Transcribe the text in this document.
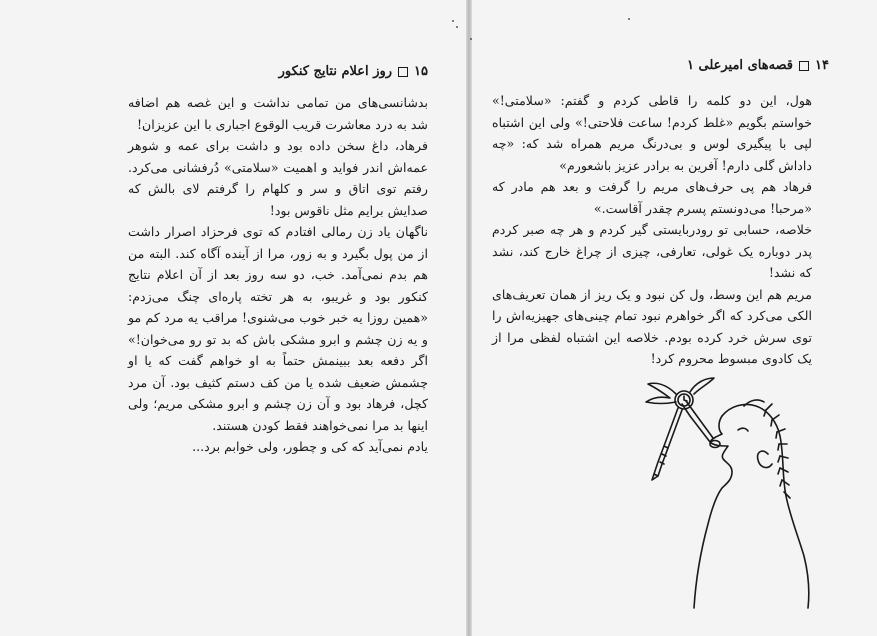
۱۵
روز اعلام نتایج کنکور

بدشانسی‌های من تمامی نداشت و این غصه هم اضافه شد به درد معاشرت قریب الوقوع اجباری با این عزیزان!

فرهاد، داغ سخن داده بود و داشت برای عمه و شوهر عمه‌اش اندر فواید و اهمیت «سلامتی» دُرفشانی می‌کرد. رفتم توی اتاق و سر و کلهام را گرفتم لای بالش که صدایش برایم مثل ناقوس بود!

ناگهان یاد زن رمالی افتادم که توی فرحزاد اصرار داشت از من پول بگیرد و به زور، مرا از آینده آگاه کند. البته من هم بدم نمی‌آمد. خب، دو سه روز بعد از آن اعلام نتایج کنکور بود و غریبو، به هر تخته پاره‌ای چنگ می‌زدم: «همین روزا یه خبر خوب می‌شنوی! مراقب یه مرد کم مو و یه زن چشم و ابرو مشکی باش که بد تو رو می‌خوان!» اگر دفعه بعد ببینمش حتماً به او خواهم گفت که یا او چشمش ضعیف شده یا من کف دستم کثیف بود. آن مرد کچل، فرهاد بود و آن زن چشم و ابرو مشکی مریم؛ ولی اینها بد مرا نمی‌خواهند فقط کودن هستند.

یادم نمی‌آید که کی و چطور، ولی خوابم برد...

۱۴
قصه‌های امیرعلی ۱

هول، این دو کلمه را قاطی کردم و گفتم: «سلامتی!» خواستم بگویم «غلط کردم! ساعت فلاحتی!» ولی این اشتباه لپی با پیگیری لوس و بی‌درنگ مریم همراه شد که: «چه داداش گلی دارم! آفرین به برادر عزیز باشعورم»

فرهاد هم پی حرف‌های مریم را گرفت و بعد هم مادر که «مرحبا! می‌دونستم پسرم چقدر آقاست.»

خلاصه، حسابی تو رودربایستی گیر کردم و هر چه صبر کردم پدر دوباره یک غولی، تعارفی، چیزی از چراغ خارج کند، نشد که نشد!

مریم هم این وسط، ول کن نبود و یک ریز از همان تعریف‌های الکی می‌کرد که اگر خواهرم نبود تمام چینی‌های جهیزیه‌اش را توی سرش خرد کرده بودم. خلاصه این اشتباه لفظی مرا از یک کادوی مبسوط محروم کرد!
